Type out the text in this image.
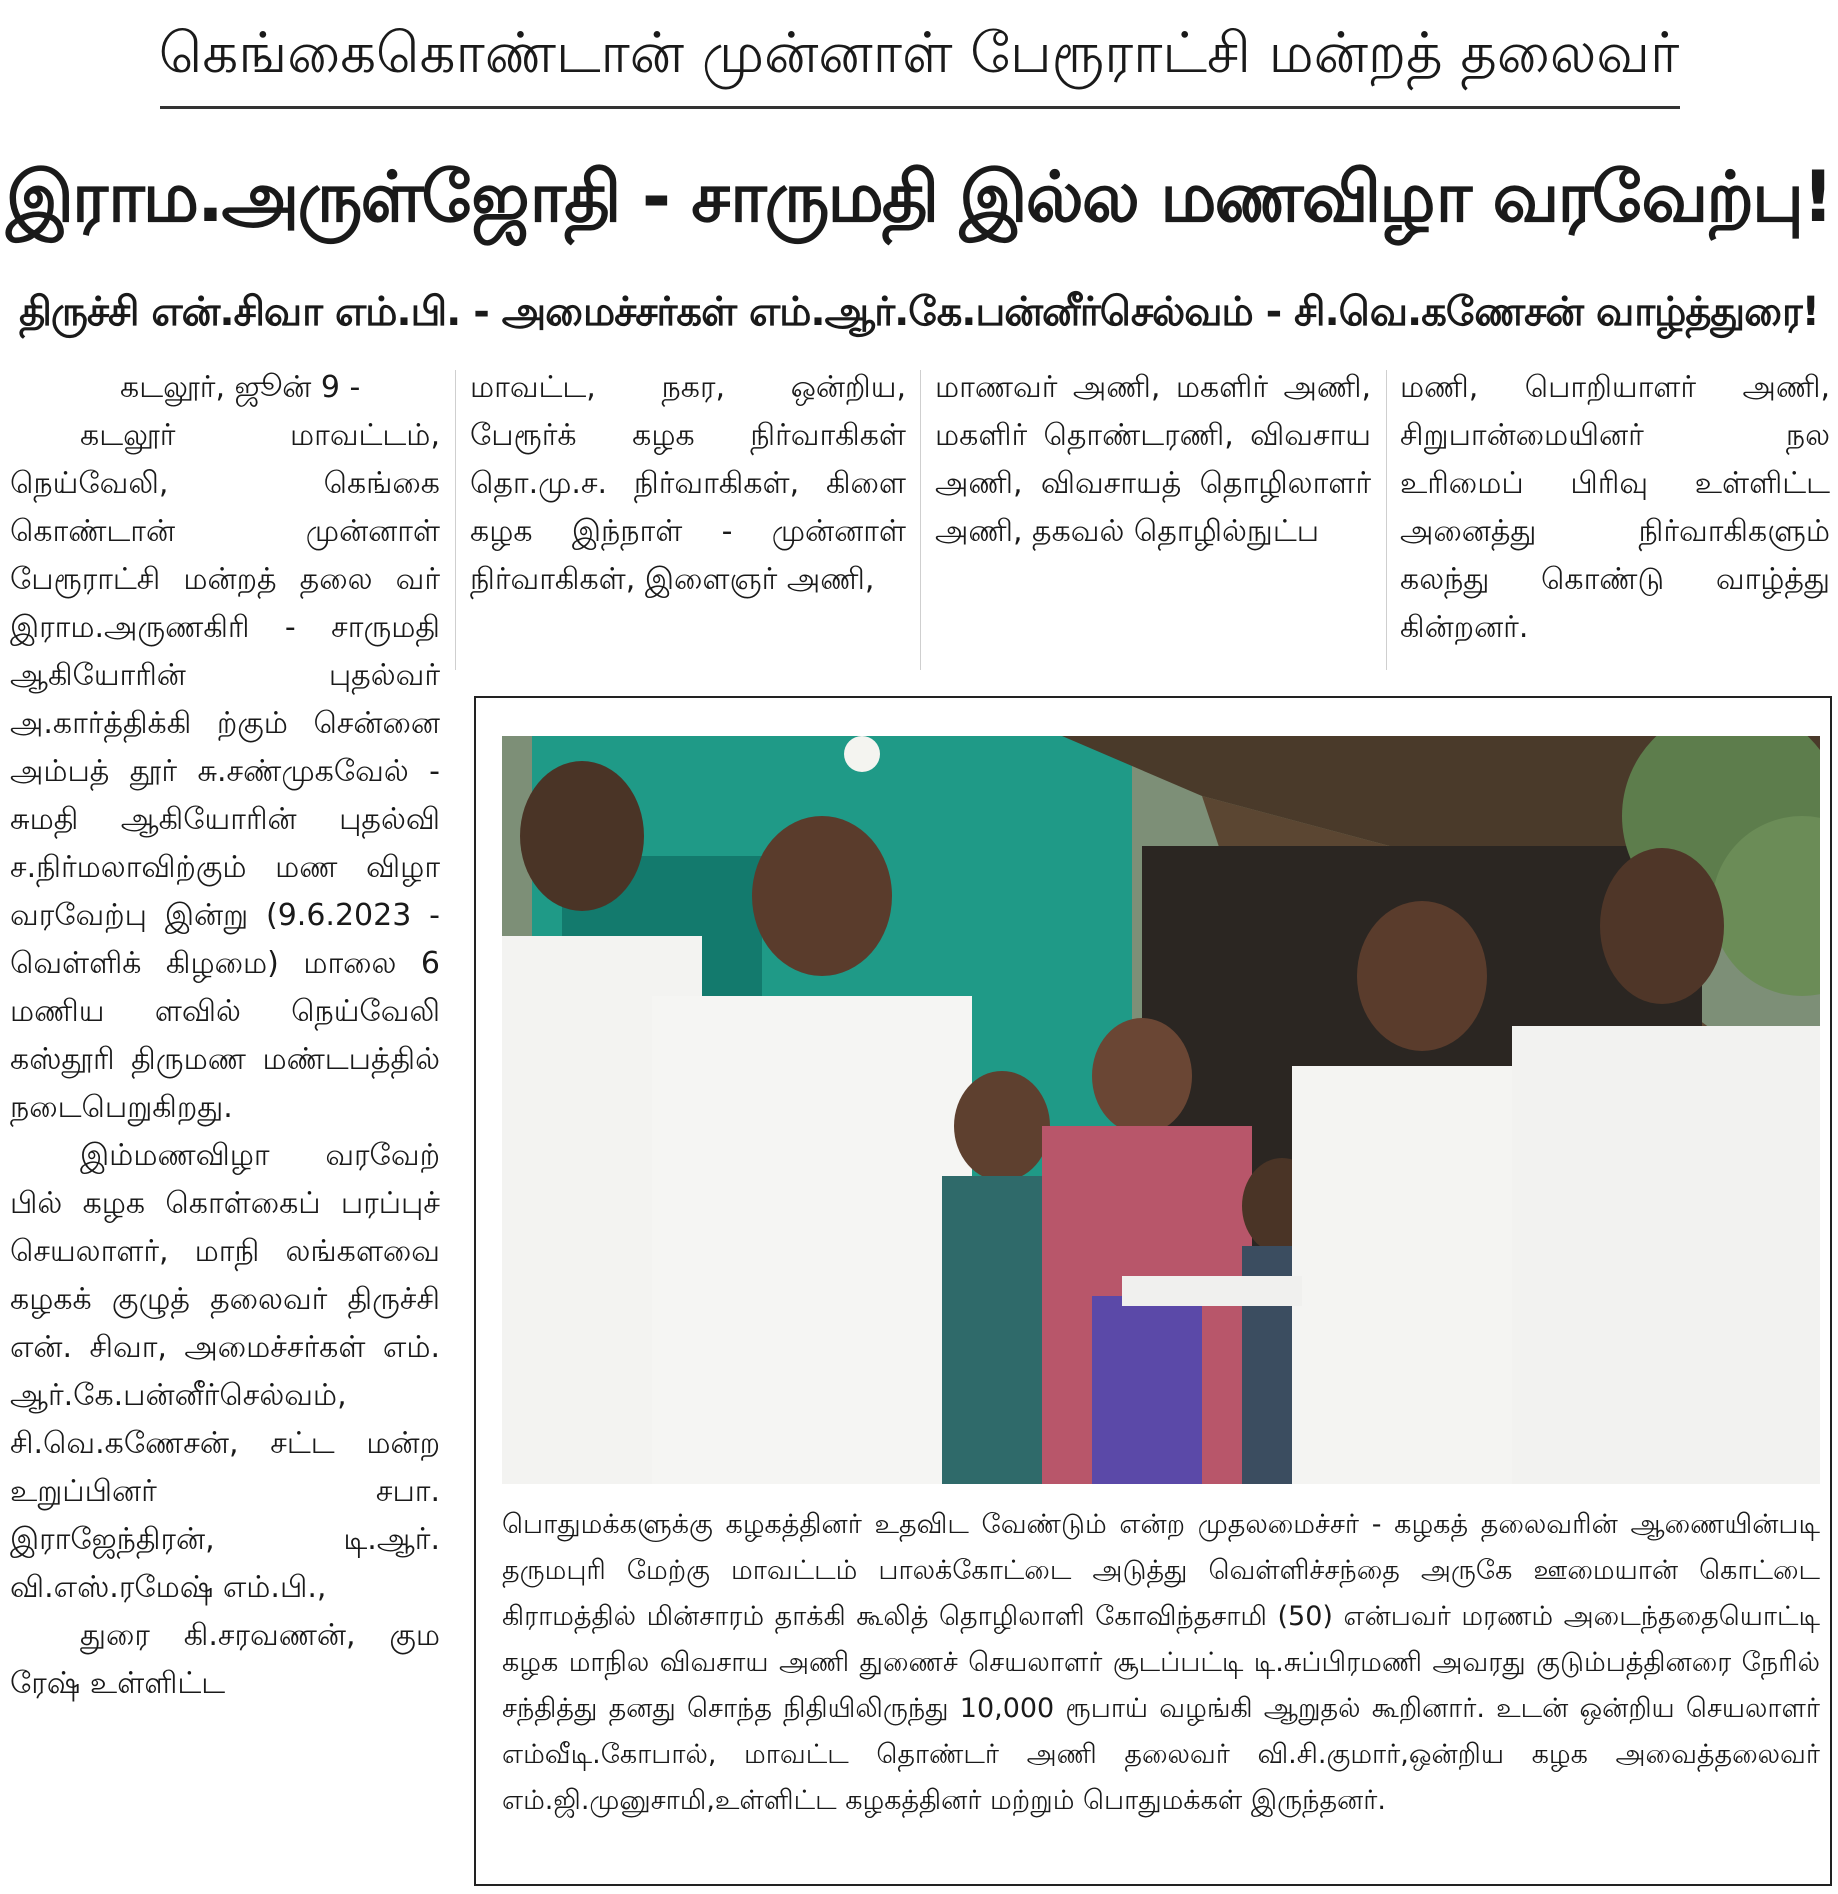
கெங்கைகொண்டான் முன்னாள் பேரூராட்சி மன்றத் தலைவர்
இராம.அருள்ஜோதி - சாருமதி இல்ல மணவிழா வரவேற்பு!
திருச்சி என்.சிவா எம்.பி. - அமைச்சர்கள் எம்.ஆர்.கே.பன்னீர்செல்வம் - சி.வெ.கணேசன் வாழ்த்துரை!

கடலூர், ஜூன் 9 -

கடலூர் மாவட்டம், நெய்வேலி, கெங்கை கொண்டான் முன்னாள் பேரூராட்சி மன்றத் தலை வர் இராம.அருணகிரி - சாருமதி ஆகியோரின் புதல்வர் அ.கார்த்திக்கி ற்கும் சென்னை அம்பத் தூர் சு.சண்முகவேல் - சுமதி ஆகியோரின் புதல்வி ச.நிர்மலாவிற்கும் மண விழா வரவேற்பு இன்று (9.6.2023 - வெள்ளிக் கிழமை) மாலை 6 மணிய ளவில் நெய்வேலி கஸ்தூரி திருமண மண்டபத்தில் நடைபெறுகிறது.

இம்மணவிழா வரவேற் பில் கழக கொள்கைப் பரப்புச் செயலாளர், மாநி லங்களவை கழகக் குழுத் தலைவர் திருச்சி என். சிவா, அமைச்சர்கள் எம். ஆர்.கே.பன்னீர்செல்வம், சி.வெ.கணேசன், சட்ட மன்ற உறுப்பினர் சபா. இராஜேந்திரன், டி.ஆர். வி.எஸ்.ரமேஷ் எம்.பி.,

துரை கி.சரவணன், கும ரேஷ் உள்ளிட்ட

மாவட்ட, நகர, ஒன்றிய, பேரூர்க் கழக நிர்வாகிகள் தொ.மு.ச. நிர்வாகிகள், கிளை கழக இந்நாள் - முன்னாள் நிர்வாகிகள், இளைஞர் அணி,

மாணவர் அணி, மகளிர் அணி, மகளிர் தொண்டரணி, விவசாய அணி, விவசாயத் தொழிலாளர் அணி, தகவல் தொழில்நுட்ப

மணி, பொறியாளர் அணி, சிறுபான்மையினர் நல உரிமைப் பிரிவு உள்ளிட்ட அனைத்து நிர்வாகிகளும் கலந்து கொண்டு வாழ்த்து கின்றனர்.

பொதுமக்களுக்கு கழகத்தினர் உதவிட வேண்டும் என்ற முதலமைச்சர் - கழகத் தலைவரின் ஆணையின்படி தருமபுரி மேற்கு மாவட்டம் பாலக்கோட்டை அடுத்து வெள்ளிச்சந்தை அருகே ஊமையான் கொட்டை கிராமத்தில் மின்சாரம் தாக்கி கூலித் தொழிலாளி கோவிந்தசாமி (50) என்பவர் மரணம் அடைந்ததையொட்டி கழக மாநில விவசாய அணி துணைச் செயலாளர் சூடப்பட்டி டி.சுப்பிரமணி அவரது குடும்பத்தினரை நேரில் சந்தித்து தனது சொந்த நிதியிலிருந்து 10,000 ரூபாய் வழங்கி ஆறுதல் கூறினார். உடன் ஒன்றிய செயலாளர் எம்வீடி.கோபால், மாவட்ட தொண்டர் அணி தலைவர் வி.சி.குமார்,ஒன்றிய கழக அவைத்தலைவர் எம்.ஜி.முனுசாமி,உள்ளிட்ட கழகத்தினர் மற்றும் பொதுமக்கள் இருந்தனர்.
